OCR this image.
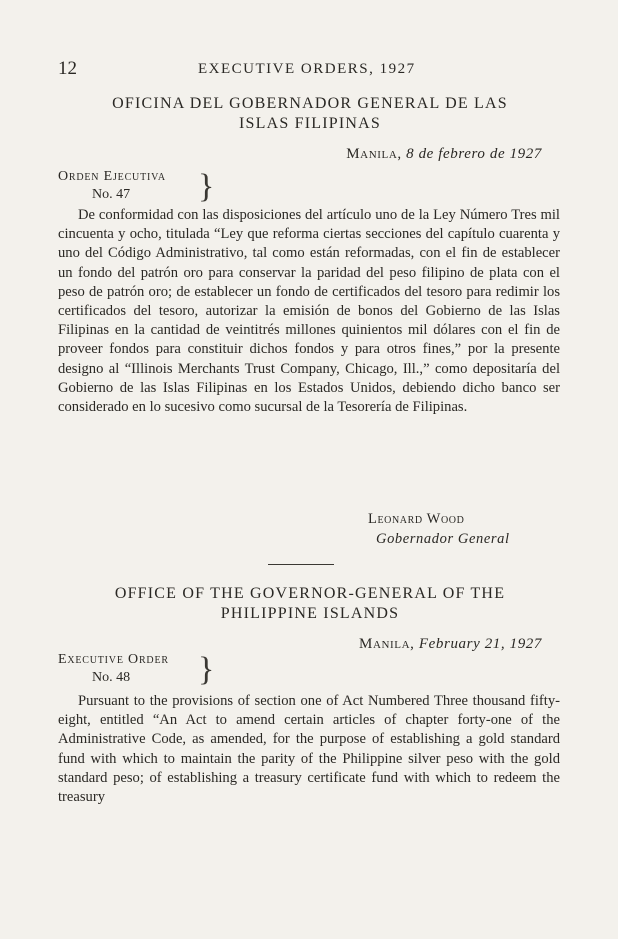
12	EXECUTIVE ORDERS, 1927
OFICINA DEL GOBERNADOR GENERAL DE LAS
ISLAS FILIPINAS
Manila, 8 de febrero de 1927
Orden Ejecutiva
No. 47	}

De conformidad con las disposiciones del artículo uno de la Ley Número Tres mil cincuenta y ocho, titulada “Ley que reforma ciertas secciones del capítulo cuarenta y uno del Código Administrativo, tal como están reformadas, con el fin de establecer un fondo del patrón oro para conservar la paridad del peso filipino de plata con el peso de patrón oro; de establecer un fondo de certificados del tesoro para redimir los certificados del tesoro, autorizar la emisión de bonos del Gobierno de las Islas Filipinas en la cantidad de veintitrés millones quinientos mil dólares con el fin de proveer fondos para constituir dichos fondos y para otros fines,” por la presente designo al “Illinois Merchants Trust Company, Chicago, Ill.,” como depositaría del Gobierno de las Islas Filipinas en los Estados Unidos, debiendo dicho banco ser considerado en lo sucesivo como sucursal de la Tesorería de Filipinas.

Leonard Wood
Gobernador General
OFFICE OF THE GOVERNOR-GENERAL OF THE
PHILIPPINE ISLANDS
Manila, February 21, 1927
Executive Order
No. 48	}

Pursuant to the provisions of section one of Act Numbered Three thousand fifty-eight, entitled “An Act to amend certain articles of chapter forty-one of the Administrative Code, as amended, for the purpose of establishing a gold standard fund with which to maintain the parity of the Philippine silver peso with the gold standard peso; of establishing a treasury certificate fund with which to redeem the treasury
